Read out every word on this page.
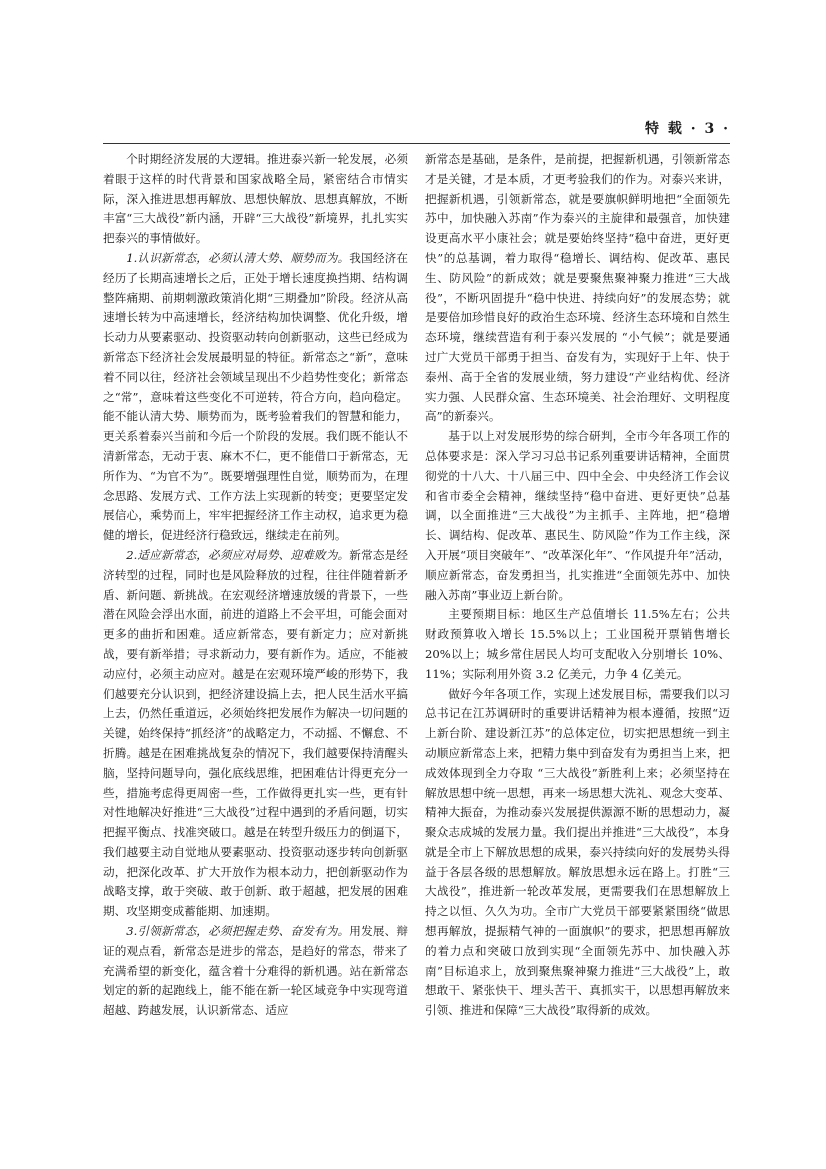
特 载 · 3 ·

个时期经济发展的大逻辑。推进泰兴新一轮发展，必须着眼于这样的时代背景和国家战略全局，紧密结合市情实际，深入推进思想再解放、思想快解放、思想真解放，不断丰富“三大战役”新内涵，开辟“三大战役”新境界，扎扎实实把泰兴的事情做好。

1.认识新常态，必须认清大势、顺势而为。我国经济在经历了长期高速增长之后，正处于增长速度换挡期、结构调整阵痛期、前期刺激政策消化期“三期叠加”阶段。经济从高速增长转为中高速增长，经济结构加快调整、优化升级，增长动力从要素驱动、投资驱动转向创新驱动，这些已经成为新常态下经济社会发展最明显的特征。新常态之“新”，意味着不同以往，经济社会领域呈现出不少趋势性变化；新常态之“常”，意味着这些变化不可逆转，符合方向，趋向稳定。能不能认清大势、顺势而为，既考验着我们的智慧和能力，更关系着泰兴当前和今后一个阶段的发展。我们既不能认不清新常态，无动于衷、麻木不仁，更不能借口于新常态，无所作为、“为官不为”。既要增强理性自觉，顺势而为，在理念思路、发展方式、工作方法上实现新的转变；更要坚定发展信心，乘势而上，牢牢把握经济工作主动权，追求更为稳健的增长，促进经济行稳致远，继续走在前列。

2.适应新常态，必须应对局势、迎难败为。新常态是经济转型的过程，同时也是风险释放的过程，往往伴随着新矛盾、新问题、新挑战。在宏观经济增速放缓的背景下，一些潜在风险会浮出水面，前进的道路上不会平坦，可能会面对更多的曲折和困难。适应新常态，要有新定力；应对新挑战，要有新举措；寻求新动力，要有新作为。适应，不能被动应付，必须主动应对。越是在宏观环境严峻的形势下，我们越要充分认识到，把经济建设搞上去，把人民生活水平搞上去，仍然任重道远，必须始终把发展作为解决一切问题的关键，始终保持“抓经济”的战略定力，不动摇、不懈怠、不折腾。越是在困难挑战复杂的情况下，我们越要保持清醒头脑，坚持问题导向，强化底线思维，把困难估计得更充分一些，措施考虑得更周密一些，工作做得更扎实一些，更有针对性地解决好推进“三大战役”过程中遇到的矛盾问题，切实把握平衡点、找准突破口。越是在转型升级压力的倒逼下，我们越要主动自觉地从要素驱动、投资驱动逐步转向创新驱动，把深化改革、扩大开放作为根本动力，把创新驱动作为战略支撑，敢于突破、敢于创新、敢于超越，把发展的困难期、攻坚期变成蓄能期、加速期。

3.引领新常态，必须把握走势、奋发有为。用发展、辩证的观点看，新常态是进步的常态，是趋好的常态，带来了充满希望的新变化，蕴含着十分难得的新机遇。站在新常态划定的新的起跑线上，能不能在新一轮区域竞争中实现弯道超越、跨越发展，认识新常态、适应

新常态是基础，是条件，是前提，把握新机遇，引领新常态才是关键，才是本质，才更考验我们的作为。对泰兴来讲，把握新机遇，引领新常态，就是要旗帜鲜明地把“全面领先苏中，加快融入苏南”作为泰兴的主旋律和最强音，加快建设更高水平小康社会；就是要始终坚持“稳中奋进，更好更快”的总基调，着力取得“稳增长、调结构、促改革、惠民生、防风险”的新成效；就是要聚焦聚神聚力推进“三大战役”，不断巩固提升“稳中快进、持续向好”的发展态势；就是要倍加珍惜良好的政治生态环境、经济生态环境和自然生态环境，继续营造有利于泰兴发展的 “小气候”；就是要通过广大党员干部勇于担当、奋发有为，实现好于上年、快于泰州、高于全省的发展业绩，努力建设“产业结构优、经济实力强、人民群众富、生态环境美、社会治理好、文明程度高”的新泰兴。

基于以上对发展形势的综合研判，全市今年各项工作的总体要求是：深入学习习总书记系列重要讲话精神，全面贯彻党的十八大、十八届三中、四中全会、中央经济工作会议和省市委全会精神，继续坚持“稳中奋进、更好更快”总基调，以全面推进“三大战役”为主抓手、主阵地，把“稳增长、调结构、促改革、惠民生、防风险”作为工作主线，深入开展“项目突破年”、“改革深化年”、“作风提升年”活动，顺应新常态，奋发勇担当，扎实推进“全面领先苏中、加快融入苏南”事业迈上新台阶。

主要预期目标：地区生产总值增长 11.5%左右；公共财政预算收入增长 15.5%以上；工业国税开票销售增长 20%以上；城乡常住居民人均可支配收入分别增长 10%、11%；实际利用外资 3.2 亿美元，力争 4 亿美元。

做好今年各项工作，实现上述发展目标，需要我们以习总书记在江苏调研时的重要讲话精神为根本遵循，按照“迈上新台阶、建设新江苏”的总体定位，切实把思想统一到主动顺应新常态上来，把精力集中到奋发有为勇担当上来，把成效体现到全力夺取 “三大战役”新胜利上来；必须坚持在解放思想中统一思想，再来一场思想大洗礼、观念大变革、精神大振奋，为推动泰兴发展提供源源不断的思想动力，凝聚众志成城的发展力量。我们提出并推进“三大战役”，本身就是全市上下解放思想的成果，泰兴持续向好的发展势头得益于各层各级的思想解放。解放思想永远在路上。打胜“三大战役”，推进新一轮改革发展，更需要我们在思想解放上持之以恒、久久为功。全市广大党员干部要紧紧围绕“做思想再解放，提振精气神的一面旗帜”的要求，把思想再解放的着力点和突破口放到实现“全面领先苏中、加快融入苏南”目标追求上，放到聚焦聚神聚力推进“三大战役”上，敢想敢干、紧张快干、埋头苦干、真抓实干，以思想再解放来引领、推进和保障“三大战役”取得新的成效。
